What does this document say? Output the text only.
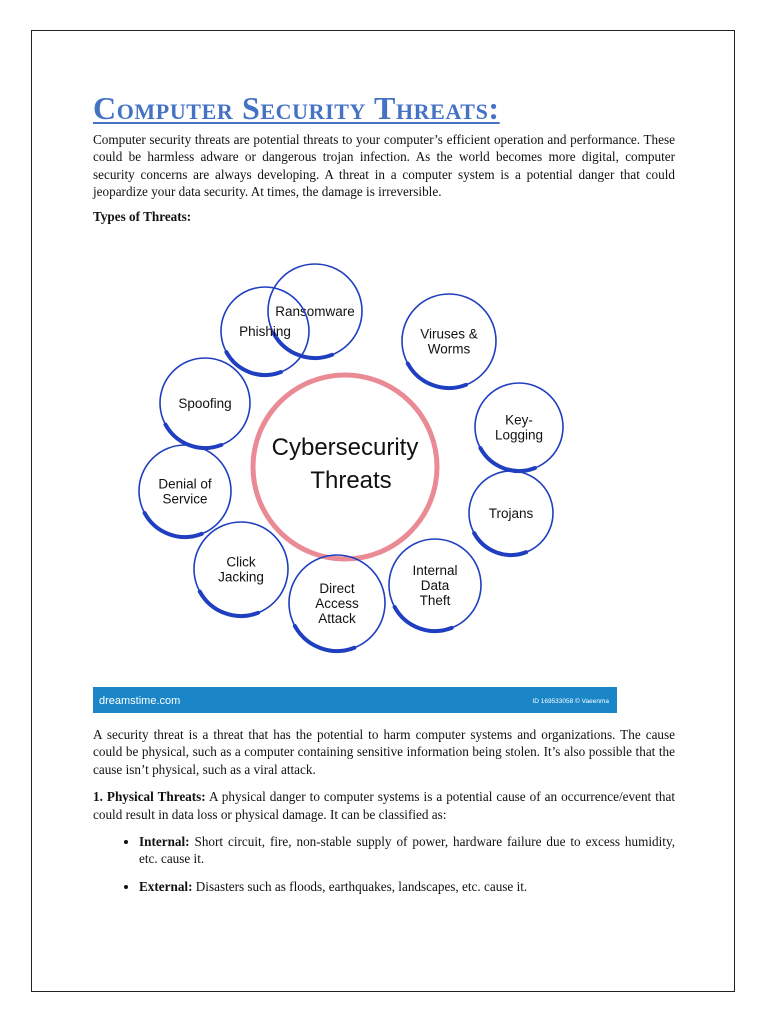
Computer Security Threats:

Computer security threats are potential threats to your computer’s efficient operation and performance. These could be harmless adware or dangerous trojan infection. As the world becomes more digital, computer security concerns are always developing. A threat in a computer system is a potential danger that could jeopardize your data security. At times, the damage is irreversible.

Types of Threats:

Cybersecurity
Threats
Ransomware
Viruses &
Worms
Key-
Logging
Trojans
Internal
Data
Theft
Direct
Access
Attack
Click
Jacking
Denial of
Service
Spoofing
Phishing
dreamstime.com	ID 169533058 © Vaeenma

A security threat is a threat that has the potential to harm computer systems and organizations. The cause could be physical, such as a computer containing sensitive information being stolen. It’s also possible that the cause isn’t physical, such as a viral attack.

1. Physical Threats: A physical danger to computer systems is a potential cause of an occurrence/event that could result in data loss or physical damage. It can be classified as:

• Internal: Short circuit, fire, non-stable supply of power, hardware failure due to excess humidity, etc. cause it.
• External: Disasters such as floods, earthquakes, landscapes, etc. cause it.
